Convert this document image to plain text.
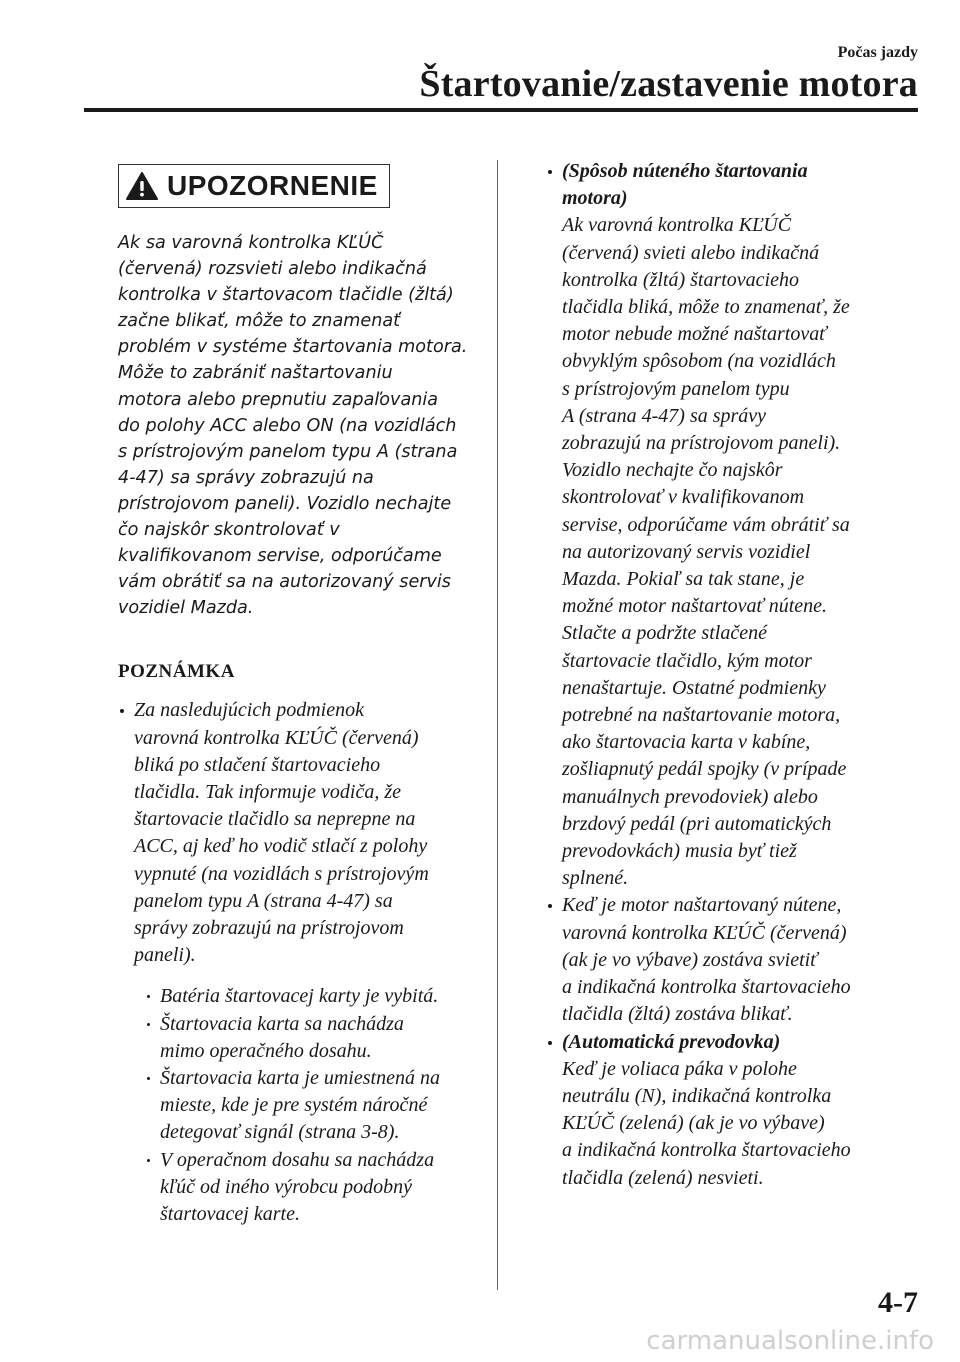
Počas jazdy
Štartovanie/zastavenie motora
UPOZORNENIE
Ak sa varovná kontrolka KĽÚČ
(červená) rozsvieti alebo indikačná
kontrolka v štartovacom tlačidle (žltá)
začne blikať, môže to znamenať
problém v systéme štartovania motora.
Môže to zabrániť naštartovaniu
motora alebo prepnutiu zapaľovania
do polohy ACC alebo ON (na vozidlách
s prístrojovým panelom typu A (strana
4-47) sa správy zobrazujú na
prístrojovom paneli). Vozidlo nechajte
čo najskôr skontrolovať v
kvalifikovanom servise, odporúčame
vám obrátiť sa na autorizovaný servis
vozidiel Mazda.
POZNÁMKA
Za nasledujúcich podmienok
varovná kontrolka KĽÚČ (červená)
bliká po stlačení štartovacieho
tlačidla. Tak informuje vodiča, že
štartovacie tlačidlo sa neprepne na
ACC, aj keď ho vodič stlačí z polohy
vypnuté (na vozidlách s prístrojovým
panelom typu A (strana 4-47) sa
správy zobrazujú na prístrojovom
paneli).
Batéria štartovacej karty je vybitá.
Štartovacia karta sa nachádza
mimo operačného dosahu.
Štartovacia karta je umiestnená na
mieste, kde je pre systém náročné
detegovať signál (strana 3-8).
V operačnom dosahu sa nachádza
kľúč od iného výrobcu podobný
štartovacej karte.
(Spôsob núteného štartovania
motora)
Ak varovná kontrolka KĽÚČ
(červená) svieti alebo indikačná
kontrolka (žltá) štartovacieho
tlačidla bliká, môže to znamenať, že
motor nebude možné naštartovať
obvyklým spôsobom (na vozidlách
s prístrojovým panelom typu
A (strana 4-47) sa správy
zobrazujú na prístrojovom paneli).
Vozidlo nechajte čo najskôr
skontrolovať v kvalifikovanom
servise, odporúčame vám obrátiť sa
na autorizovaný servis vozidiel
Mazda. Pokiaľ sa tak stane, je
možné motor naštartovať nútene.
Stlačte a podržte stlačené
štartovacie tlačidlo, kým motor
nenaštartuje. Ostatné podmienky
potrebné na naštartovanie motora,
ako štartovacia karta v kabíne,
zošliapnutý pedál spojky (v prípade
manuálnych prevodoviek) alebo
brzdový pedál (pri automatických
prevodovkách) musia byť tiež
splnené.
Keď je motor naštartovaný nútene,
varovná kontrolka KĽÚČ (červená)
(ak je vo výbave) zostáva svietiť
a indikačná kontrolka štartovacieho
tlačidla (žltá) zostáva blikať.
(Automatická prevodovka)
Keď je voliaca páka v polohe
neutrálu (N), indikačná kontrolka
KĽÚČ (zelená) (ak je vo výbave)
a indikačná kontrolka štartovacieho
tlačidla (zelená) nesvieti.
4-7
carmanualsonline.info
